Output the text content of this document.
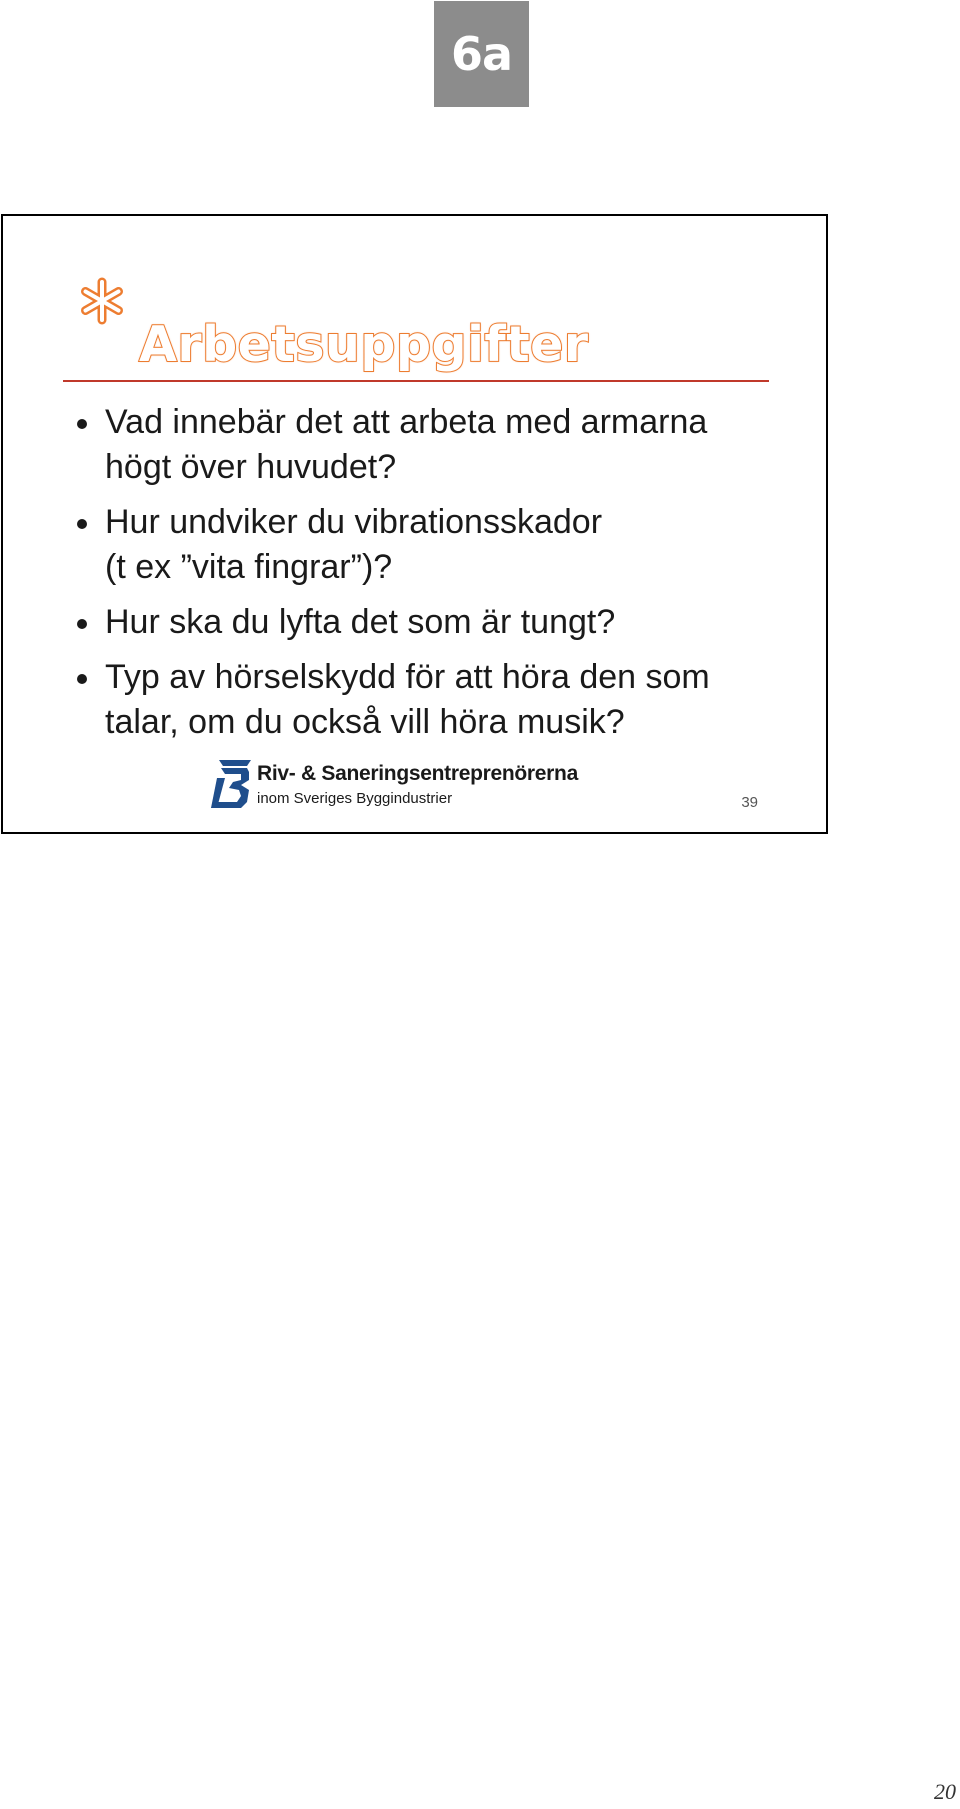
6a
Arbetsuppgifter
Vad innebär det att arbeta med armarna
högt över huvudet?
Hur undviker du vibrationsskador
(t ex ”vita fingrar”)?
Hur ska du lyfta det som är tungt?
Typ av hörselskydd för att höra den som
talar, om du också vill höra musik?
Riv- & Saneringsentreprenörerna
inom Sveriges Byggindustrier	39
20
